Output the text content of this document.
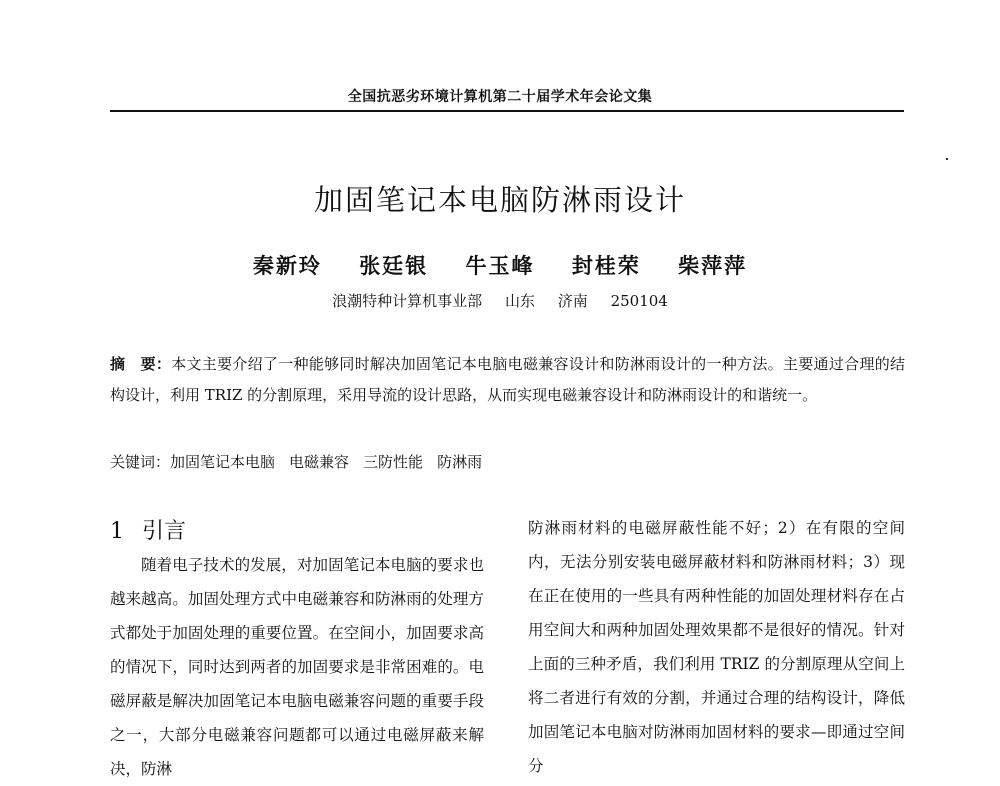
全国抗恶劣环境计算机第二十届学术年会论文集
加固笔记本电脑防淋雨设计
秦新玲 张廷银 牛玉峰 封桂荣 柴萍萍
浪潮特种计算机事业部 山东 济南 250104
摘　要：本文主要介绍了一种能够同时解决加固笔记本电脑电磁兼容设计和防淋雨设计的一种方法。主要通过合理的结构设计，利用 TRIZ 的分割原理，采用导流的设计思路，从而实现电磁兼容设计和防淋雨设计的和谐统一。
关键词：加固笔记本电脑 电磁兼容 三防性能 防淋雨
1 引言
随着电子技术的发展，对加固笔记本电脑的要求也越来越高。加固处理方式中电磁兼容和防淋雨的处理方式都处于加固处理的重要位置。在空间小，加固要求高的情况下，同时达到两者的加固要求是非常困难的。电磁屏蔽是解决加固笔记本电脑电磁兼容问题的重要手段之一，大部分电磁兼容问题都可以通过电磁屏蔽来解决，防淋
防淋雨材料的电磁屏蔽性能不好；2）在有限的空间内，无法分别安装电磁屏蔽材料和防淋雨材料；3）现在正在使用的一些具有两种性能的加固处理材料存在占用空间大和两种加固处理效果都不是很好的情况。针对上面的三种矛盾，我们利用 TRIZ 的分割原理从空间上将二者进行有效的分割，并通过合理的结构设计，降低加固笔记本电脑对防淋雨加固材料的要求—即通过空间分
